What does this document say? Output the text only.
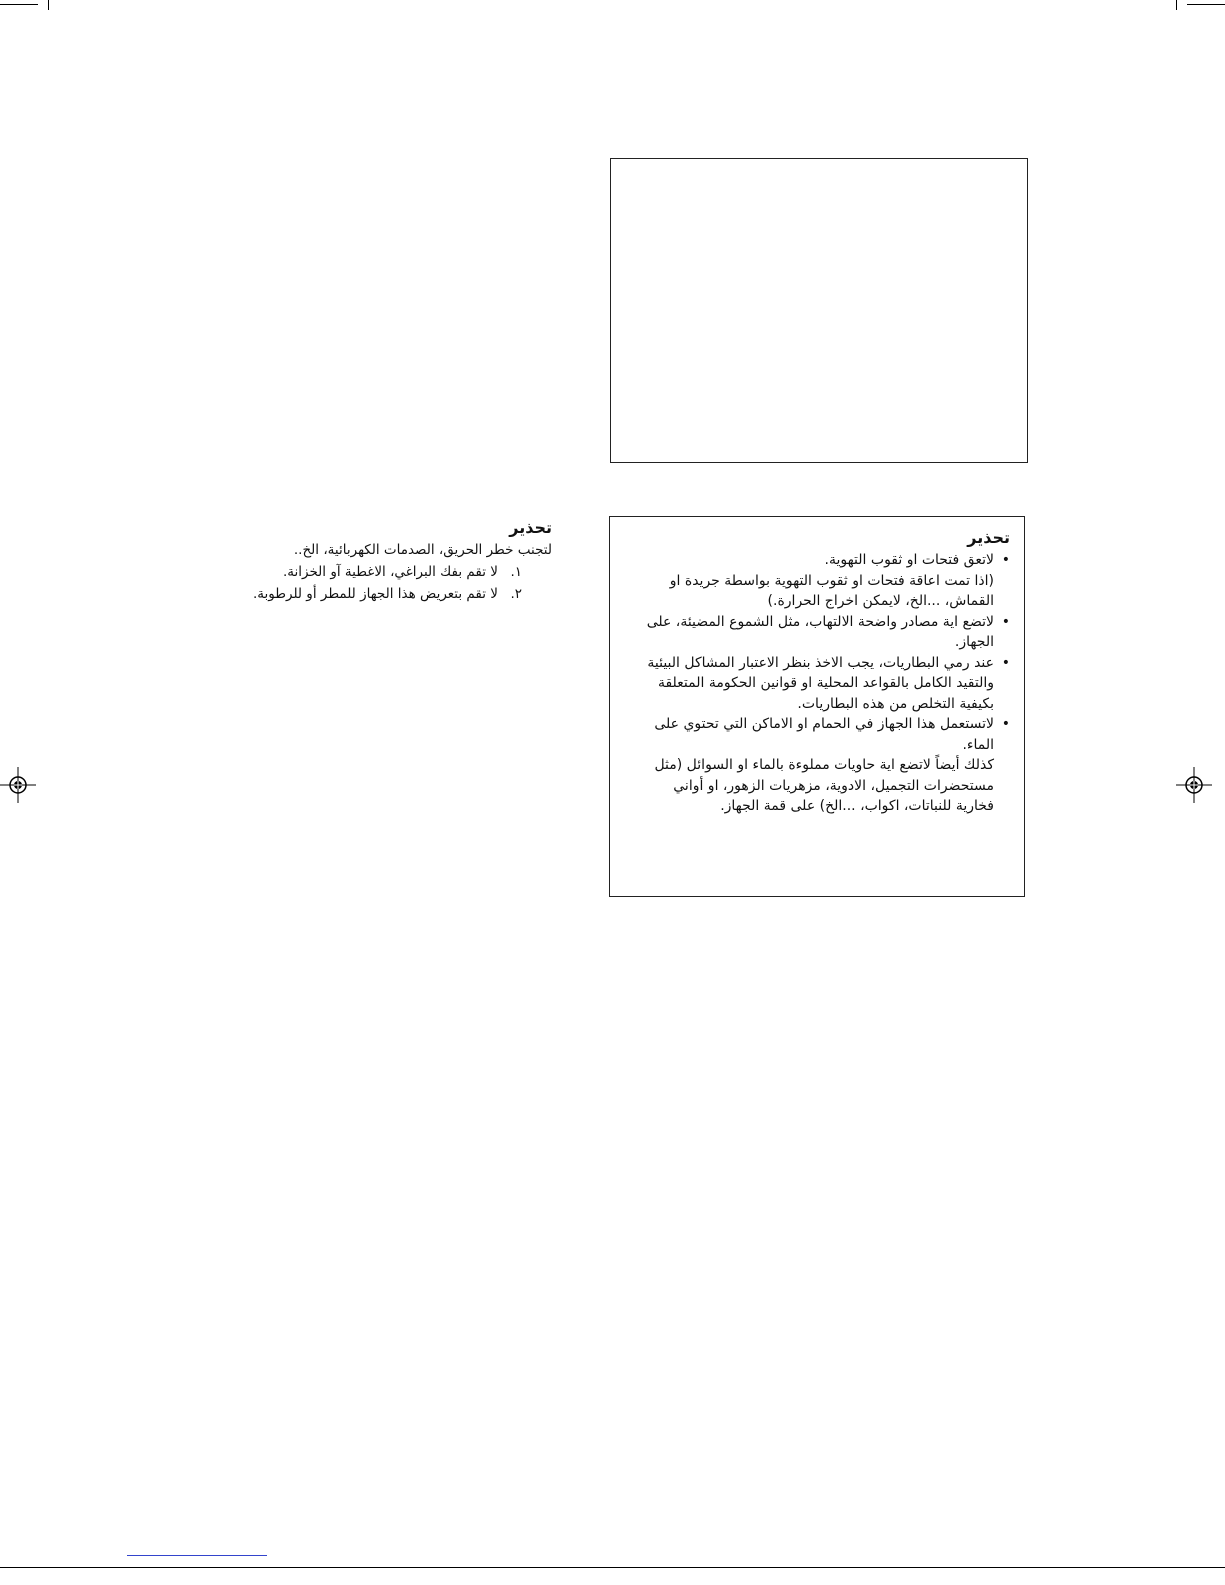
تحذير

•
لاتعق فتحات او ثقوب التهوية.

(اذا تمت اعاقة فتحات او ثقوب التهوية بواسطة جريدة او القماش، ...الخ، لايمكن اخراج الحرارة.)

•
لاتضع اية مصادر واضحة الالتهاب، مثل الشموع المضيئة، على الجهاز.
•
عند رمي البطاريات، يجب الاخذ بنظر الاعتبار المشاكل البيئية والتقيد الكامل بالقواعد المحلية او قوانين الحكومة المتعلقة بكيفية التخلص من هذه البطاريات.
•
لاتستعمل هذا الجهاز في الحمام او الاماكن التي تحتوي على الماء.

كذلك أيضاً لاتضع اية حاويات مملوءة بالماء او السوائل (مثل مستحضرات التجميل، الادوية، مزهريات الزهور، او أواني فخارية للنباتات، اكواب، ...الخ) على قمة الجهاز.

تحذير

لتجنب خطر الحريق، الصدمات الكهربائية، الخ..

١.
لا تقم بفك البراغي، الاغطية آو الخزانة.
٢.
لا تقم بتعريض هذا الجهاز للمطر أو للرطوبة.
